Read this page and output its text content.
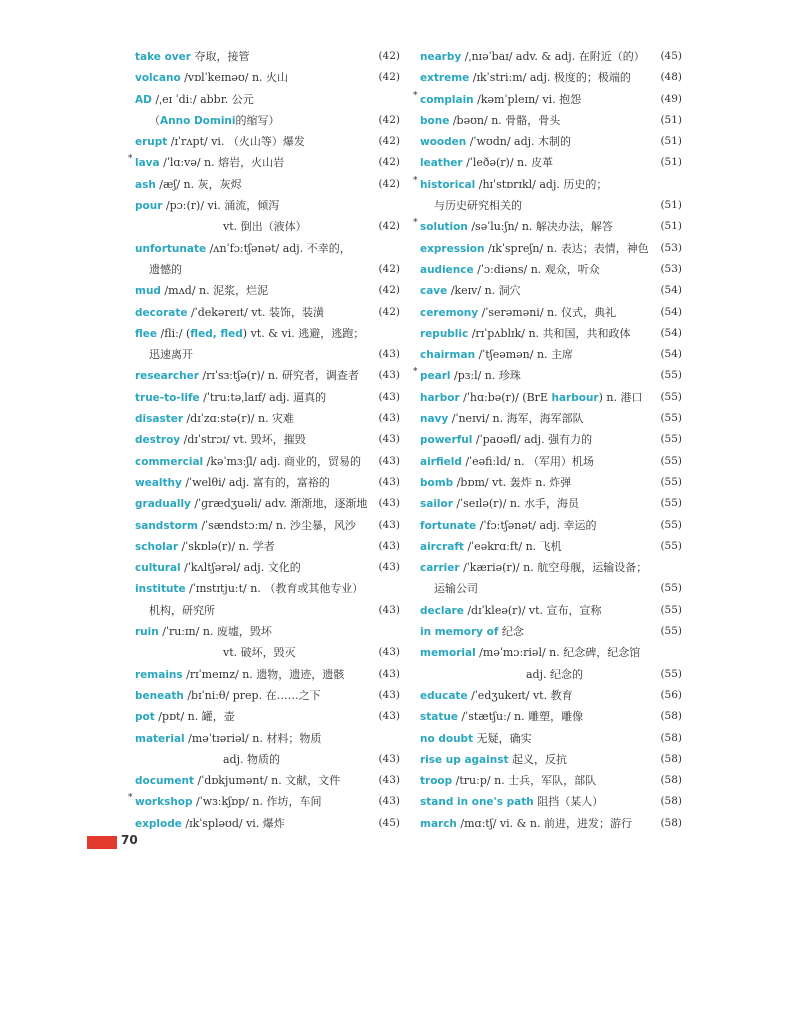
take over 夺取，接管	(42)
volcano /vɒlˈkeɪnəʊ/ n. 火山	(42)
AD /ˌeɪ ˈdiː/ abbr. 公元
（Anno Domini的缩写）	(42)
erupt /ɪˈrʌpt/ vi. （火山等）爆发	(42)
* lava /ˈlɑːvə/ n. 熔岩，火山岩	(42)
ash /æʃ/ n. 灰，灰烬	(42)
pour /pɔː(r)/ vi. 涌流，倾泻
vt. 倒出（液体）	(42)
unfortunate /ʌnˈfɔːtʃənət/ adj. 不幸的，
遗憾的	(42)
mud /mʌd/ n. 泥浆，烂泥	(42)
decorate /ˈdekəreɪt/ vt. 装饰，装潢	(42)
flee /fliː/ (fled, fled) vt. & vi. 逃避，逃跑；
迅速离开	(43)
researcher /rɪˈsɜːtʃə(r)/ n. 研究者，调查者 (43)
true-to-life /ˈtruːtəˌlaɪf/ adj. 逼真的	(43)
disaster /dɪˈzɑːstə(r)/ n. 灾难	(43)
destroy /dɪˈstrɔɪ/ vt. 毁坏，摧毁	(43)
commercial /kəˈmɜːʃl/ adj. 商业的，贸易的 (43)
wealthy /ˈwelθi/ adj. 富有的，富裕的	(43)
gradually /ˈɡrædʒuəli/ adv. 渐渐地，逐渐地 (43)
sandstorm /ˈsændstɔːm/ n. 沙尘暴，风沙 (43)
scholar /ˈskɒlə(r)/ n. 学者	(43)
cultural /ˈkʌltʃərəl/ adj. 文化的	(43)
institute /ˈɪnstɪtjuːt/ n. （教育或其他专业）
机构，研究所	(43)
ruin /ˈruːɪn/ n. 废墟，毁坏
vt. 破坏，毁灭	(43)
remains /rɪˈmeɪnz/ n. 遗物，遗迹，遗骸	(43)
beneath /bɪˈniːθ/ prep. 在……之下	(43)
pot /pɒt/ n. 罐，壶	(43)
material /məˈtɪəriəl/ n. 材料；物质
adj. 物质的	(43)
document /ˈdɒkjumənt/ n. 文献，文件	(43)
* workshop /ˈwɜːkʃɒp/ n. 作坊，车间	(43)
explode /ɪkˈspləʊd/ vi. 爆炸	(45)
nearby /ˌnɪəˈbaɪ/ adv. & adj. 在附近（的） (45)
extreme /ɪkˈstriːm/ adj. 极度的；极端的	(48)
* complain /kəmˈpleɪn/ vi. 抱怨	(49)
bone /bəʊn/ n. 骨骼，骨头	(51)
wooden /ˈwʊdn/ adj. 木制的	(51)
leather /ˈleðə(r)/ n. 皮革	(51)
* historical /hɪˈstɒrɪkl/ adj. 历史的；
与历史研究相关的	(51)
* solution /səˈluːʃn/ n. 解决办法，解答	(51)
expression /ɪkˈspreʃn/ n. 表达；表情，神色 (53)
audience /ˈɔːdiəns/ n. 观众，听众	(53)
cave /keɪv/ n. 洞穴	(54)
ceremony /ˈserəməni/ n. 仪式，典礼	(54)
republic /rɪˈpʌblɪk/ n. 共和国，共和政体	(54)
chairman /ˈtʃeəmən/ n. 主席	(54)
* pearl /pɜːl/ n. 珍珠	(55)
harbor /ˈhɑːbə(r)/ (BrE harbour) n. 港口 (55)
navy /ˈneɪvi/ n. 海军，海军部队	(55)
powerful /ˈpaʊəfl/ adj. 强有力的	(55)
airfield /ˈeəfiːld/ n. （军用）机场	(55)
bomb /bɒm/ vt. 轰炸 n. 炸弹	(55)
sailor /ˈseɪlə(r)/ n. 水手，海员	(55)
fortunate /ˈfɔːtʃənət/ adj. 幸运的	(55)
aircraft /ˈeəkrɑːft/ n. 飞机	(55)
carrier /ˈkæriə(r)/ n. 航空母舰，运输设备；
运输公司	(55)
declare /dɪˈkleə(r)/ vt. 宣布，宣称	(55)
in memory of 纪念	(55)
memorial /məˈmɔːriəl/ n. 纪念碑，纪念馆
adj. 纪念的	(55)
educate /ˈedʒukeɪt/ vt. 教育	(56)
statue /ˈstætʃuː/ n. 雕塑，雕像	(58)
no doubt 无疑，确实	(58)
rise up against 起义，反抗	(58)
troop /truːp/ n. 士兵，军队，部队	(58)
stand in one's path 阻挡（某人）	(58)
march /mɑːtʃ/ vi. & n. 前进，进发；游行	(58)
70
